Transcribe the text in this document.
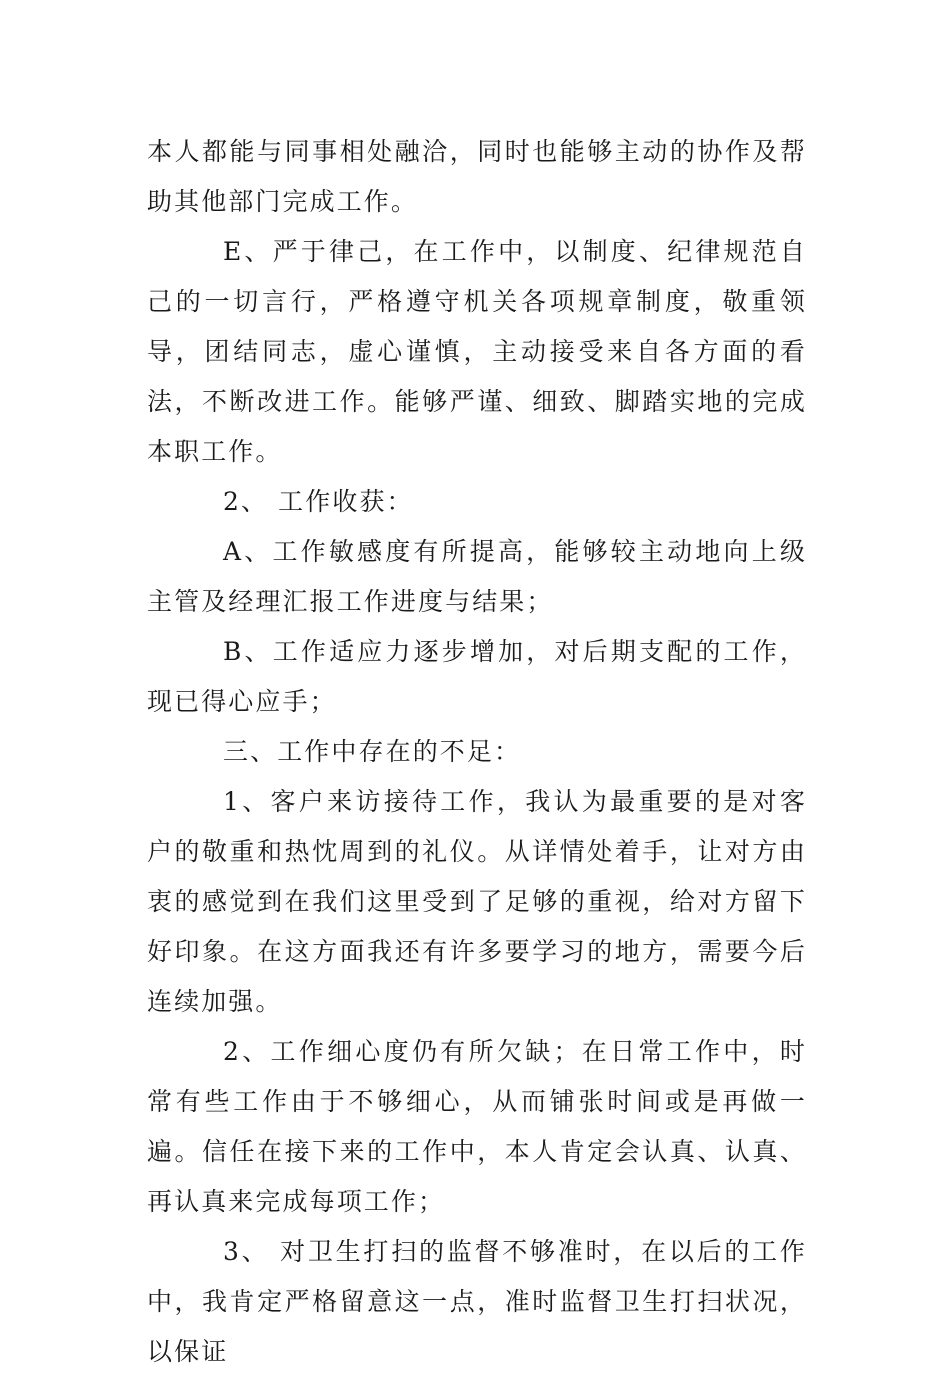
本人都能与同事相处融洽，同时也能够主动的协作及帮助其他部门完成工作。

E、严于律己，在工作中，以制度、纪律规范自己的一切言行，严格遵守机关各项规章制度，敬重领导，团结同志，虚心谨慎，主动接受来自各方面的看法，不断改进工作。能够严谨、细致、脚踏实地的完成本职工作。

2、 工作收获：

A、工作敏感度有所提高，能够较主动地向上级主管及经理汇报工作进度与结果；

B、工作适应力逐步增加，对后期支配的工作，现已得心应手；

三、工作中存在的不足：

1、客户来访接待工作，我认为最重要的是对客户的敬重和热忱周到的礼仪。从详情处着手，让对方由衷的感觉到在我们这里受到了足够的重视，给对方留下好印象。在这方面我还有许多要学习的地方，需要今后连续加强。

2、工作细心度仍有所欠缺；在日常工作中，时常有些工作由于不够细心，从而铺张时间或是再做一遍。信任在接下来的工作中，本人肯定会认真、认真、再认真来完成每项工作；

3、 对卫生打扫的监督不够准时，在以后的工作中，我肯定严格留意这一点，准时监督卫生打扫状况，以保证
